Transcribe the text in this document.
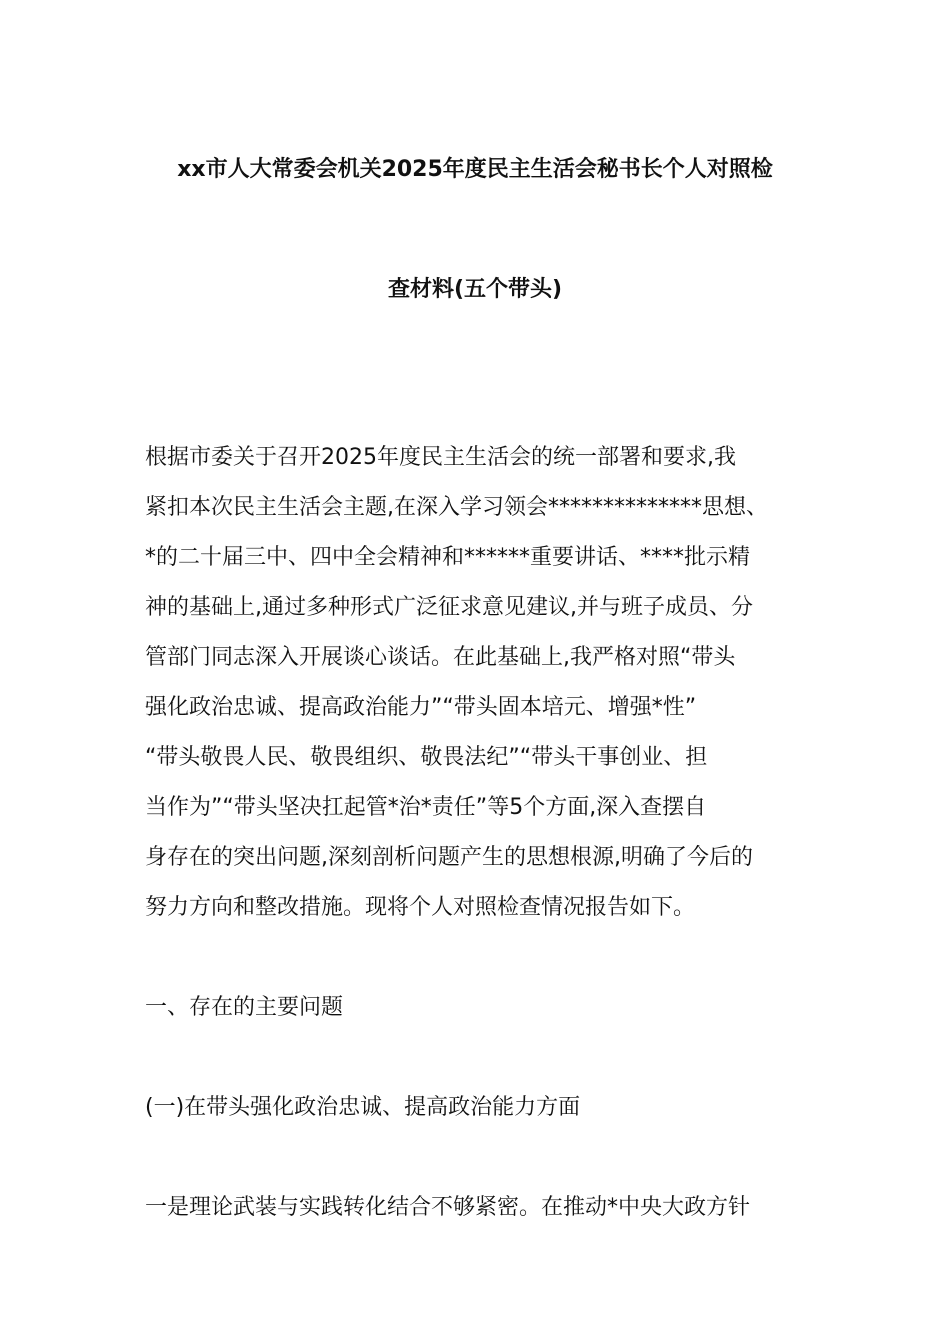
xx市人大常委会机关2025年度民主生活会秘书长个人对照检
查材料(五个带头)
根据市委关于召开2025年度民主生活会的统一部署和要求,我
紧扣本次民主生活会主题,在深入学习领会**************思想、
*的二十届三中、四中全会精神和******重要讲话、****批示精
神的基础上,通过多种形式广泛征求意见建议,并与班子成员、分
管部门同志深入开展谈心谈话。在此基础上,我严格对照“带头
强化政治忠诚、提高政治能力”“带头固本培元、增强*性”
“带头敬畏人民、敬畏组织、敬畏法纪”“带头干事创业、担
当作为”“带头坚决扛起管*治*责任”等5个方面,深入查摆自
身存在的突出问题,深刻剖析问题产生的思想根源,明确了今后的
努力方向和整改措施。现将个人对照检查情况报告如下。
一、存在的主要问题
(一)在带头强化政治忠诚、提高政治能力方面
一是理论武装与实践转化结合不够紧密。在推动*中央大政方针
